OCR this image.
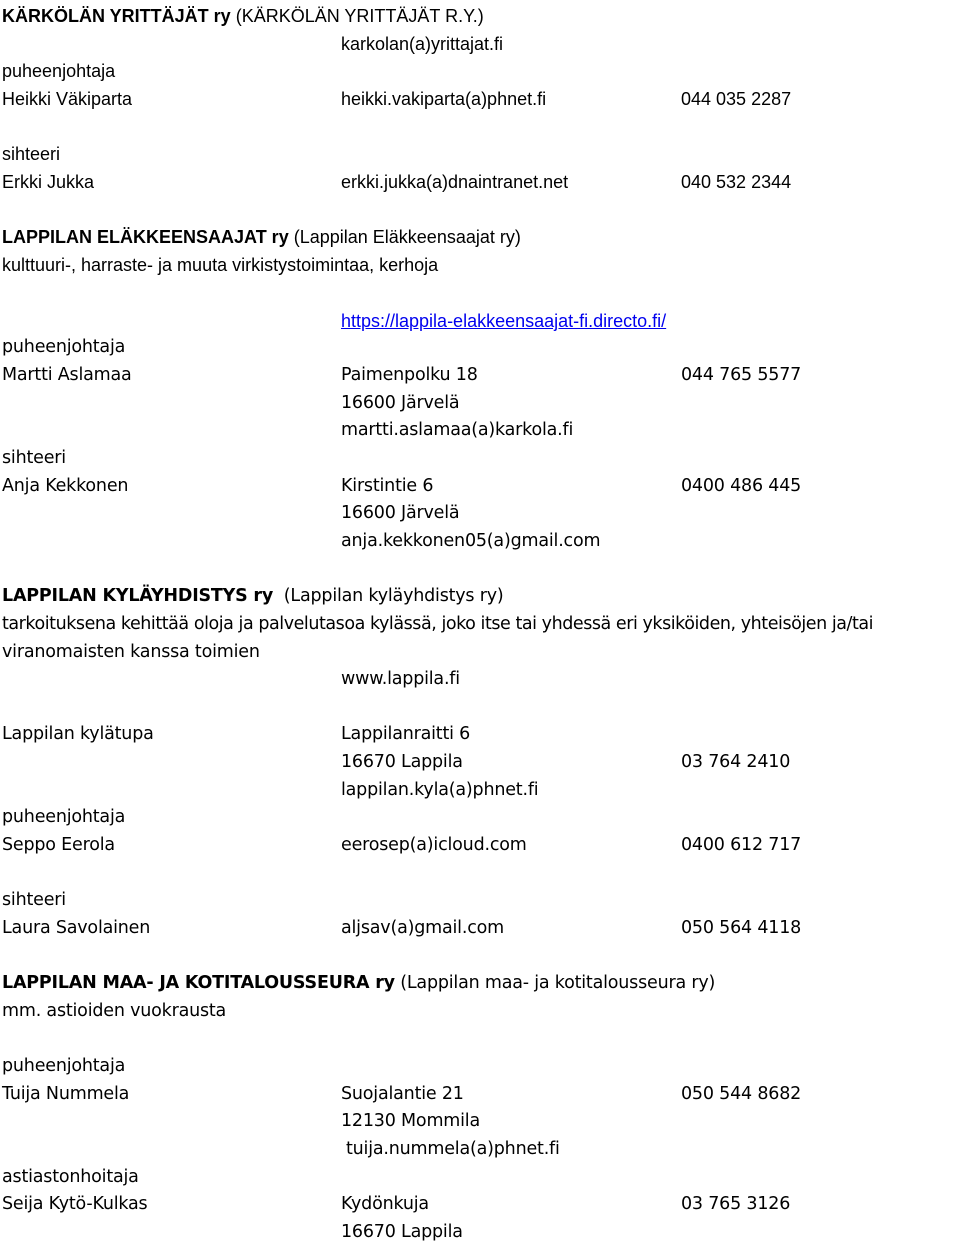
KÄRKÖLÄN YRITTÄJÄT ry (KÄRKÖLÄN YRITTÄJÄT R.Y.)
karkolan(a)yrittajat.fi
puheenjohtaja
Heikki Väkiparta	heikki.vakiparta(a)phnet.fi	044 035 2287
sihteeri
Erkki Jukka	erkki.jukka(a)dnaintranet.net	040 532 2344
LAPPILAN ELÄKKEENSAAJAT ry (Lappilan Eläkkeensaajat ry)
kulttuuri-, harraste- ja muuta virkistystoimintaa, kerhoja
https://lappila-elakkeensaajat-fi.directo.fi/
puheenjohtaja
Martti Aslamaa	Paimenpolku 18	044 765 5577
16600 Järvelä
martti.aslamaa(a)karkola.fi
sihteeri
Anja Kekkonen	Kirstintie 6	0400 486 445
16600 Järvelä
anja.kekkonen05(a)gmail.com
LAPPILAN KYLÄYHDISTYS ry (Lappilan kyläyhdistys ry)
tarkoituksena kehittää oloja ja palvelutasoa kylässä, joko itse tai yhdessä eri yksiköiden, yhteisöjen ja/tai
viranomaisten kanssa toimien
www.lappila.fi
Lappilan kylätupa	Lappilanraitti 6
16670 Lappila	03 764 2410
lappilan.kyla(a)phnet.fi
puheenjohtaja
Seppo Eerola	eerosep(a)icloud.com	0400 612 717
sihteeri
Laura Savolainen	aljsav(a)gmail.com	050 564 4118
LAPPILAN MAA- JA KOTITALOUSSEURA ry (Lappilan maa- ja kotitalousseura ry)
mm. astioiden vuokrausta
puheenjohtaja
Tuija Nummela	Suojalantie 21	050 544 8682
12130 Mommila
tuija.nummela(a)phnet.fi
astiastonhoitaja
Seija Kytö-Kulkas	Kydönkuja	03 765 3126
16670 Lappila
